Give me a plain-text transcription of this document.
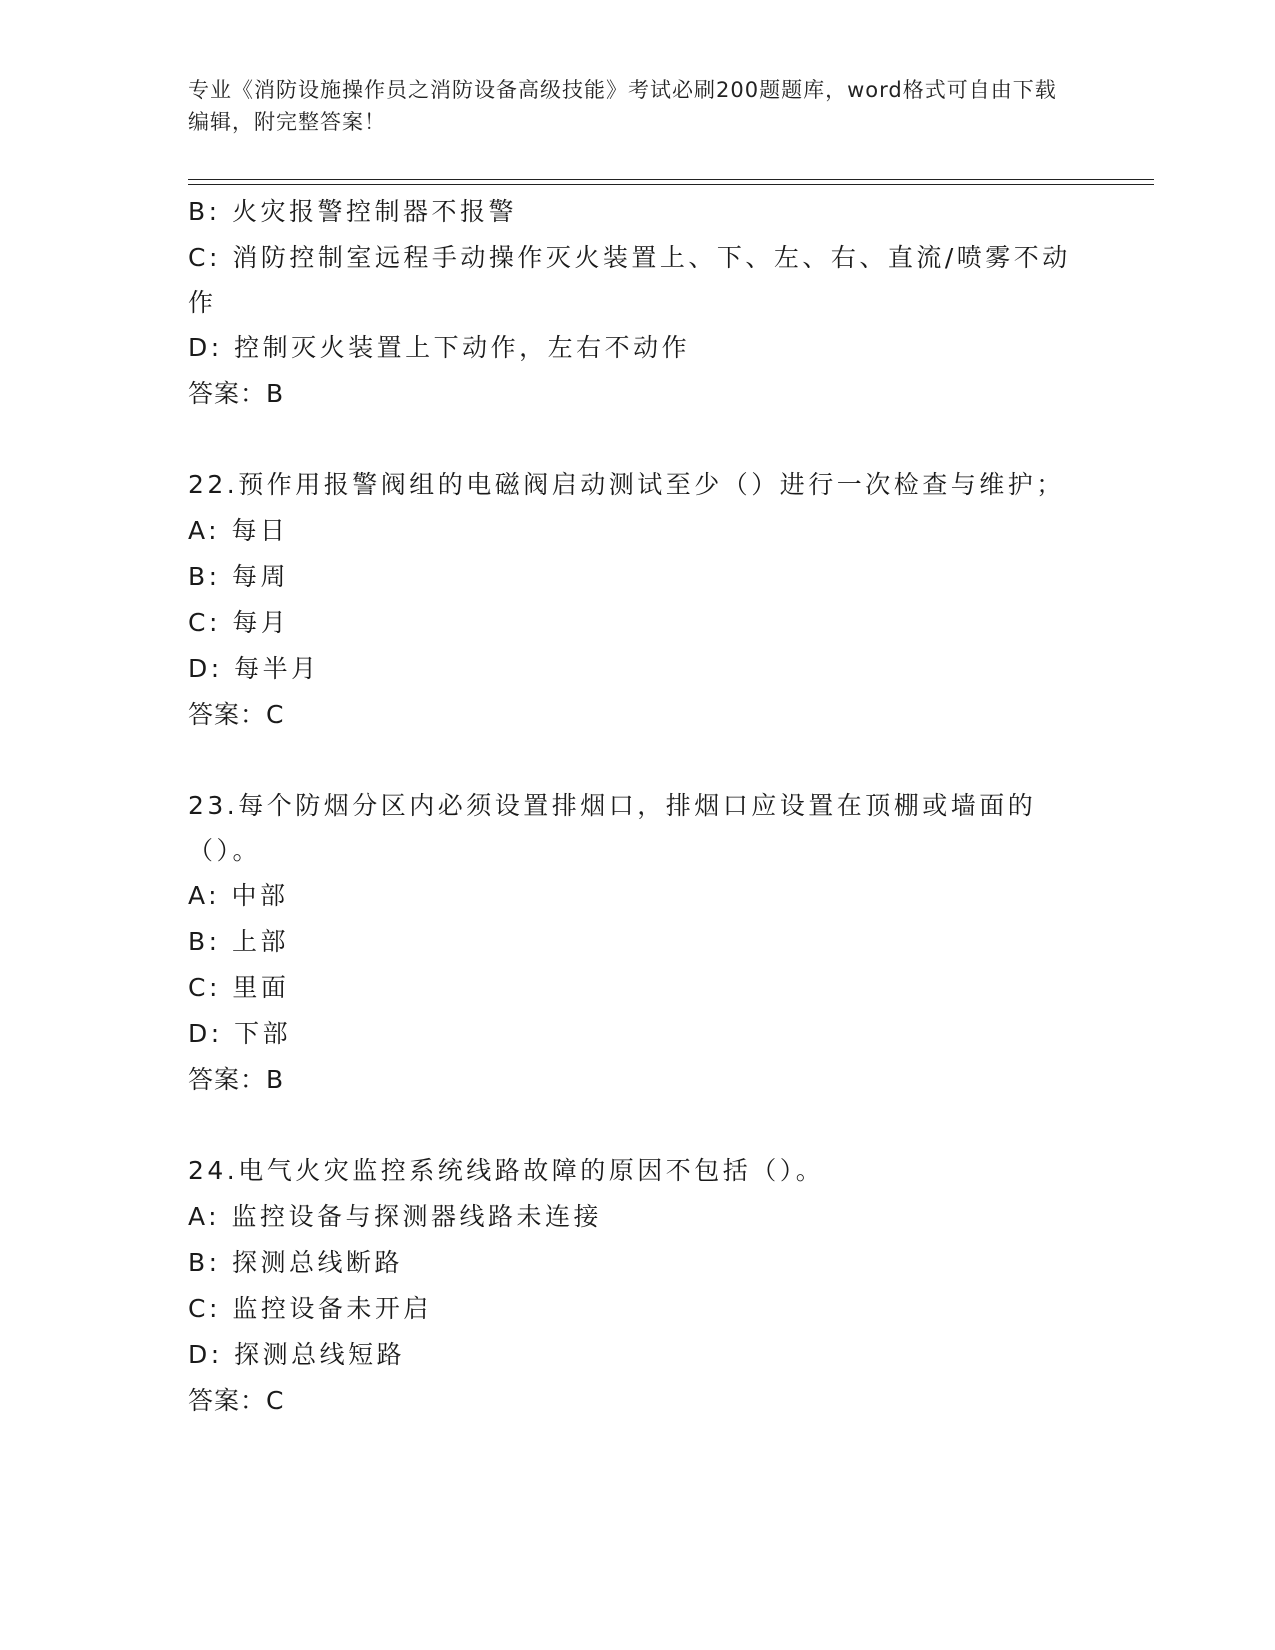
专业《消防设施操作员之消防设备高级技能》考试必刷200题题库，word格式可自由下载编辑，附完整答案！

B: 火灾报警控制器不报警

C: 消防控制室远程手动操作灭火装置上、下、左、右、直流/喷雾不动作

D: 控制灭火装置上下动作，左右不动作

答案：B

22.预作用报警阀组的电磁阀启动测试至少（）进行一次检查与维护；

A: 每日

B: 每周

C: 每月

D: 每半月

答案：C

23.每个防烟分区内必须设置排烟口，排烟口应设置在顶棚或墙面的（）。

A: 中部

B: 上部

C: 里面

D: 下部

答案：B

24.电气火灾监控系统线路故障的原因不包括（）。

A: 监控设备与探测器线路未连接

B: 探测总线断路

C: 监控设备未开启

D: 探测总线短路

答案：C
